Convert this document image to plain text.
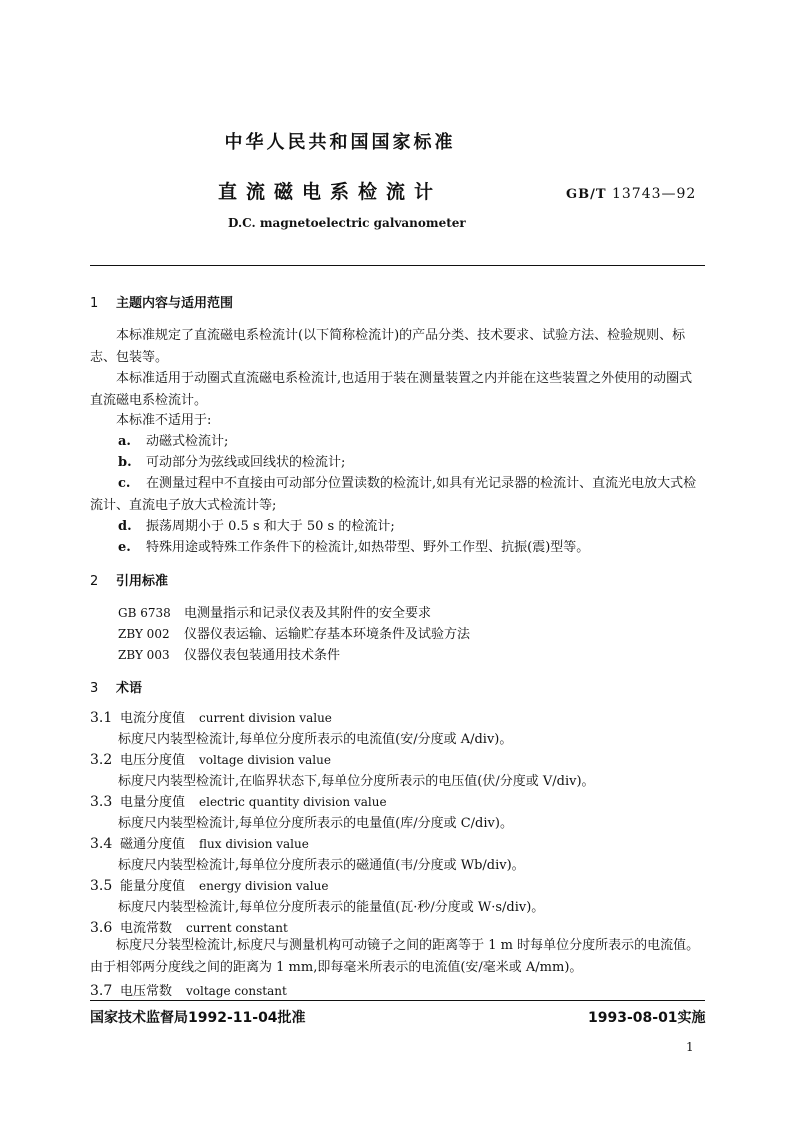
中华人民共和国国家标准
直流磁电系检流计	GB/T 13743—92
D.C. magnetoelectric galvanometer
1 主题内容与适用范围
本标准规定了直流磁电系检流计(以下简称检流计)的产品分类、技术要求、试验方法、检验规则、标志、包装等。
本标准适用于动圈式直流磁电系检流计,也适用于装在测量装置之内并能在这些装置之外使用的动圈式直流磁电系检流计。
本标准不适用于:
a. 动磁式检流计;
b. 可动部分为弦线或回线状的检流计;
c. 在测量过程中不直接由可动部分位置读数的检流计,如具有光记录器的检流计、直流光电放大式检流计、直流电子放大式检流计等;
d. 振荡周期小于 0.5 s 和大于 50 s 的检流计;
e. 特殊用途或特殊工作条件下的检流计,如热带型、野外工作型、抗振(震)型等。
2 引用标准
GB 6738 电测量指示和记录仪表及其附件的安全要求
ZBY 002 仪器仪表运输、运输贮存基本环境条件及试验方法
ZBY 003 仪器仪表包装通用技术条件
3 术语
3.1 电流分度值 current division value
标度尺内装型检流计,每单位分度所表示的电流值(安/分度或 A/div)。
3.2 电压分度值 voltage division value
标度尺内装型检流计,在临界状态下,每单位分度所表示的电压值(伏/分度或 V/div)。
3.3 电量分度值 electric quantity division value
标度尺内装型检流计,每单位分度所表示的电量值(库/分度或 C/div)。
3.4 磁通分度值 flux division value
标度尺内装型检流计,每单位分度所表示的磁通值(韦/分度或 Wb/div)。
3.5 能量分度值 energy division value
标度尺内装型检流计,每单位分度所表示的能量值(瓦·秒/分度或 W·s/div)。
3.6 电流常数 current constant
标度尺分装型检流计,标度尺与测量机构可动镜子之间的距离等于 1 m 时每单位分度所表示的电流值。由于相邻两分度线之间的距离为 1 mm,即每毫米所表示的电流值(安/毫米或 A/mm)。
3.7 电压常数 voltage constant
国家技术监督局1992-11-04批准	1993-08-01实施
1
